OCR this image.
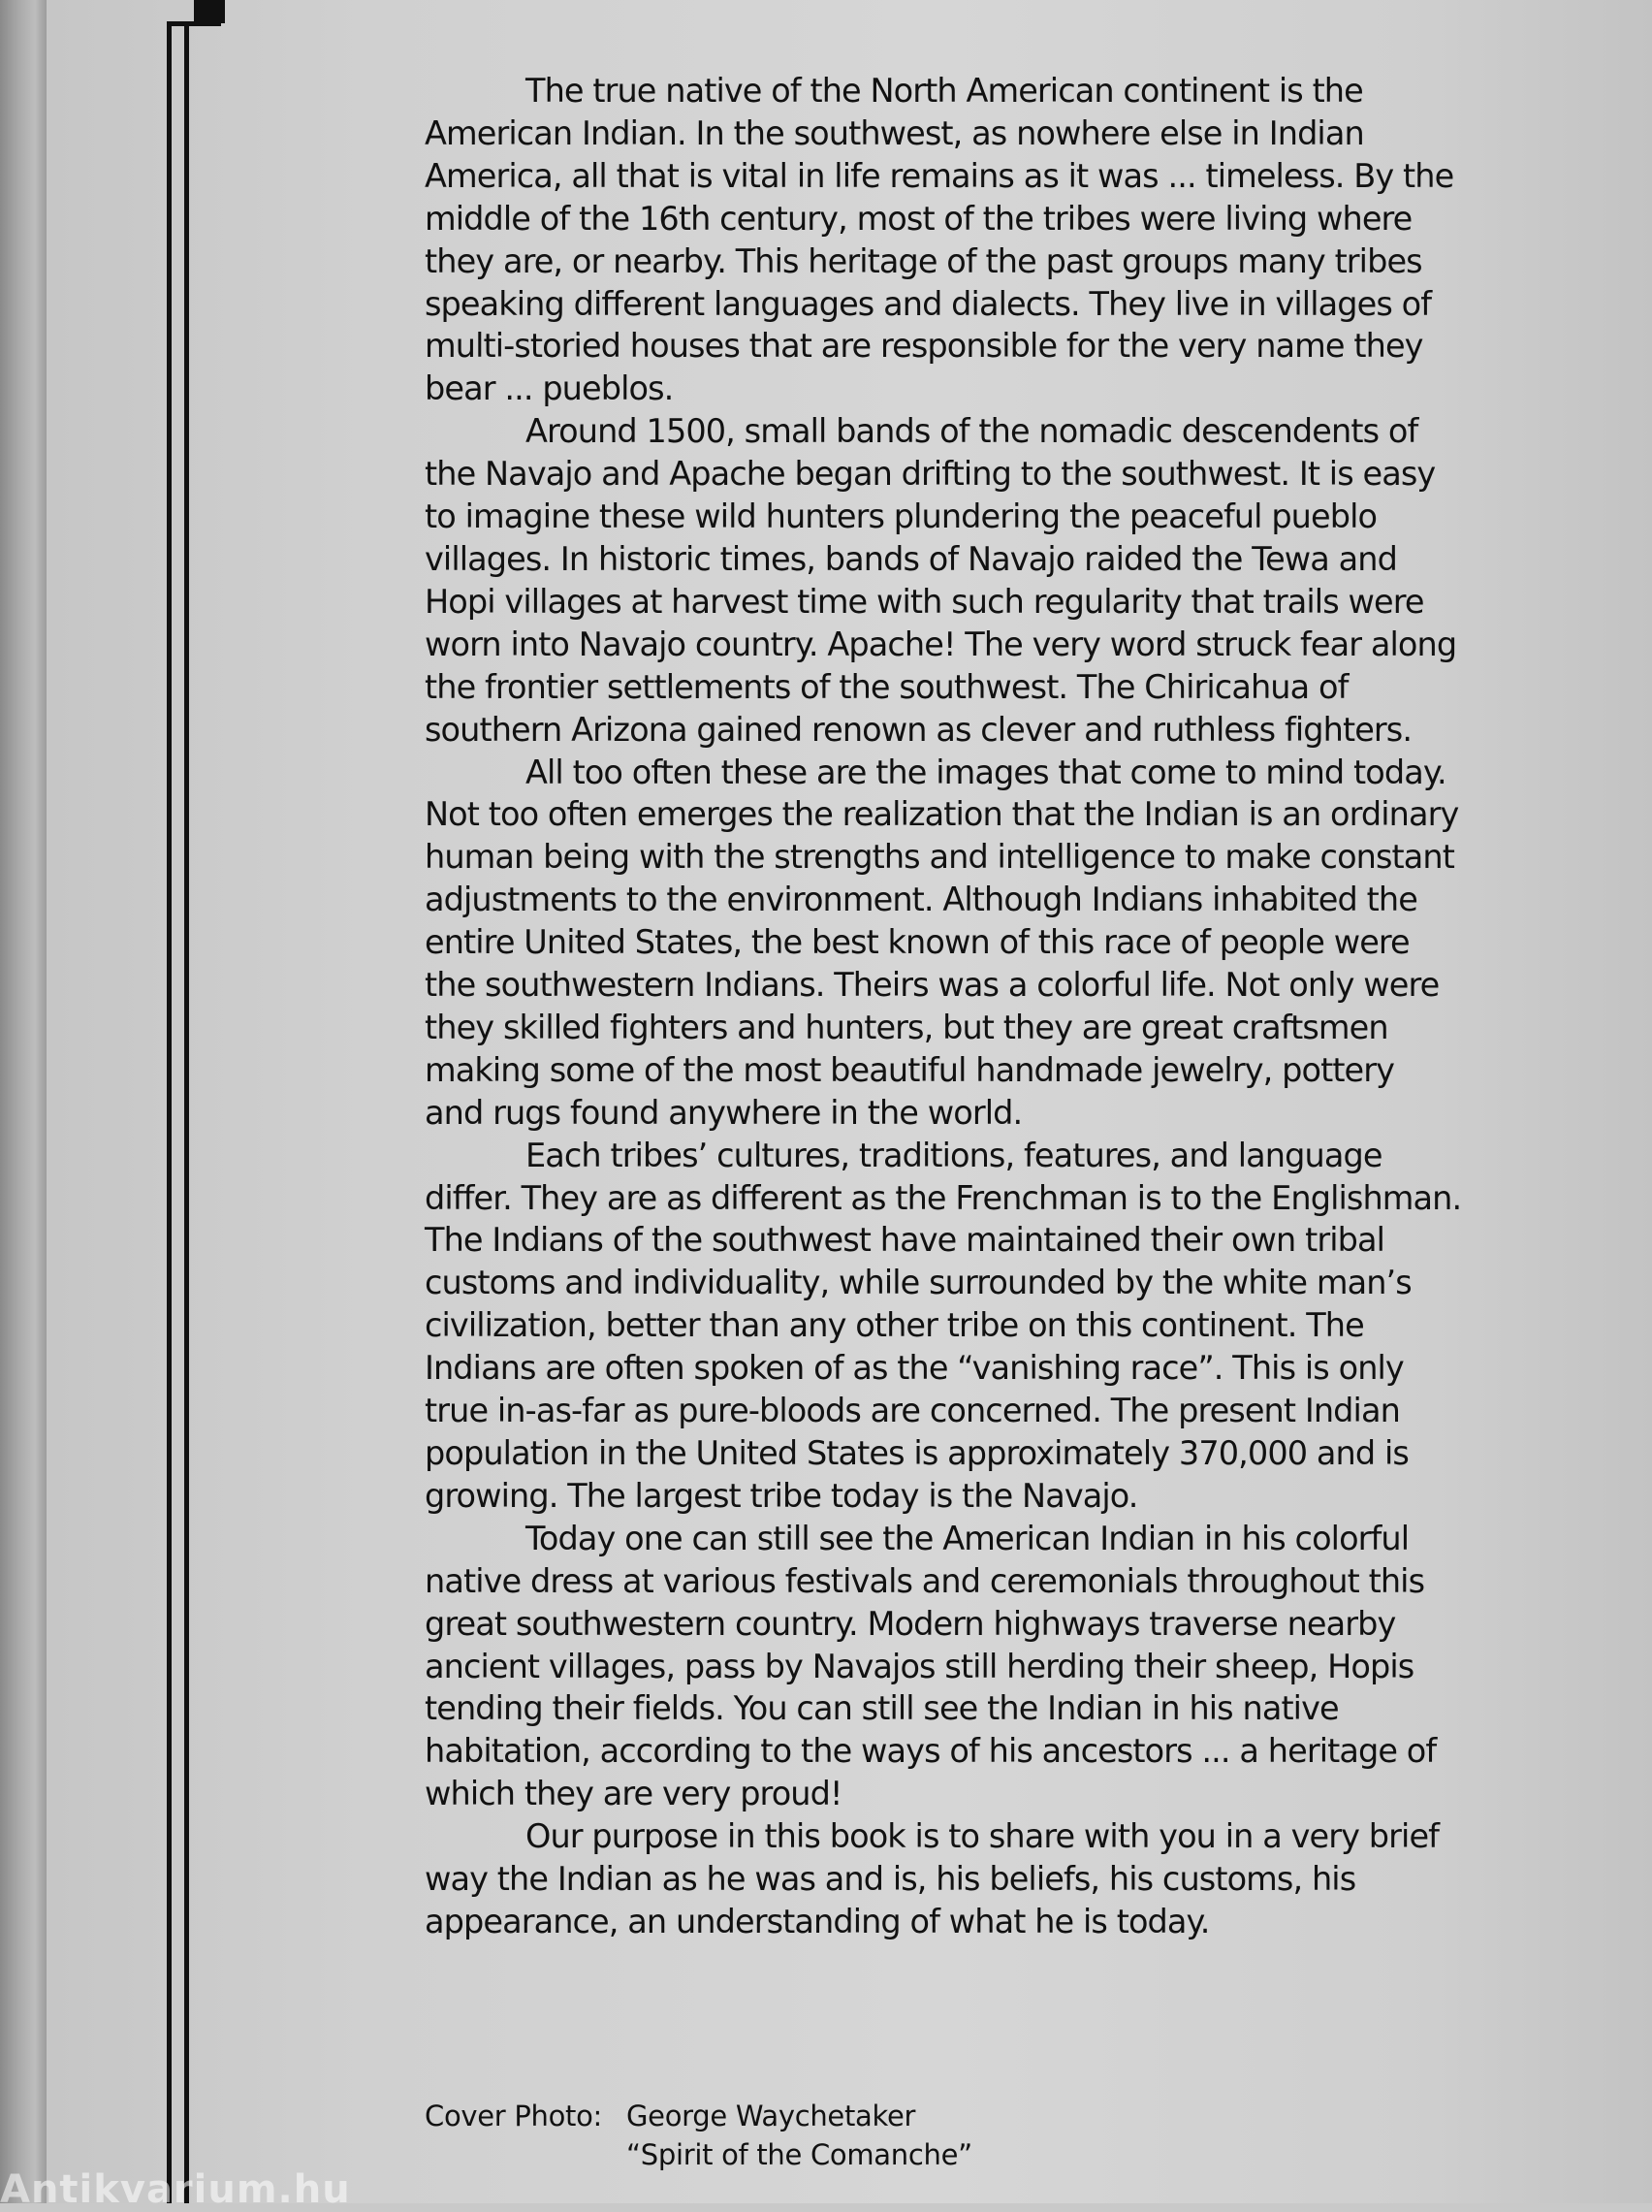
The true native of the North American continent is the American Indian. In the southwest, as nowhere else in Indian America, all that is vital in life remains as it was ... timeless. By the middle of the 16th century, most of the tribes were living where they are, or nearby. This heritage of the past groups many tribes speaking different languages and dialects. They live in villages of multi-storied houses that are responsible for the very name they bear ... pueblos.

Around 1500, small bands of the nomadic descendents of the Navajo and Apache began drifting to the southwest. It is easy to imagine these wild hunters plundering the peaceful pueblo villages. In historic times, bands of Navajo raided the Tewa and Hopi villages at harvest time with such regularity that trails were worn into Navajo country. Apache! The very word struck fear along the frontier settlements of the southwest. The Chiricahua of southern Arizona gained renown as clever and ruthless fighters.

All too often these are the images that come to mind today. Not too often emerges the realization that the Indian is an ordinary human being with the strengths and intelligence to make constant adjustments to the environment. Although Indians inhabited the entire United States, the best known of this race of people were the southwestern Indians. Theirs was a colorful life. Not only were they skilled fighters and hunters, but they are great craftsmen making some of the most beautiful handmade jewelry, pottery and rugs found anywhere in the world.

Each tribes’ cultures, traditions, features, and language differ. They are as different as the Frenchman is to the Englishman. The Indians of the southwest have maintained their own tribal customs and individuality, while surrounded by the white man’s civilization, better than any other tribe on this continent. The Indians are often spoken of as the “vanishing race”. This is only true in-as-far as pure-bloods are concerned. The present Indian population in the United States is approximately 370,000 and is growing. The largest tribe today is the Navajo.

Today one can still see the American Indian in his colorful native dress at various festivals and ceremonials throughout this great southwestern country. Modern highways traverse nearby ancient villages, pass by Navajos still herding their sheep, Hopis tending their fields. You can still see the Indian in his native habitation, according to the ways of his ancestors ... a heritage of which they are very proud!

Our purpose in this book is to share with you in a very brief way the Indian as he was and is, his beliefs, his customs, his appearance, an understanding of what he is today.

Cover Photo: George Waychetaker
“Spirit of the Comanche”
Antikvarium.hu
